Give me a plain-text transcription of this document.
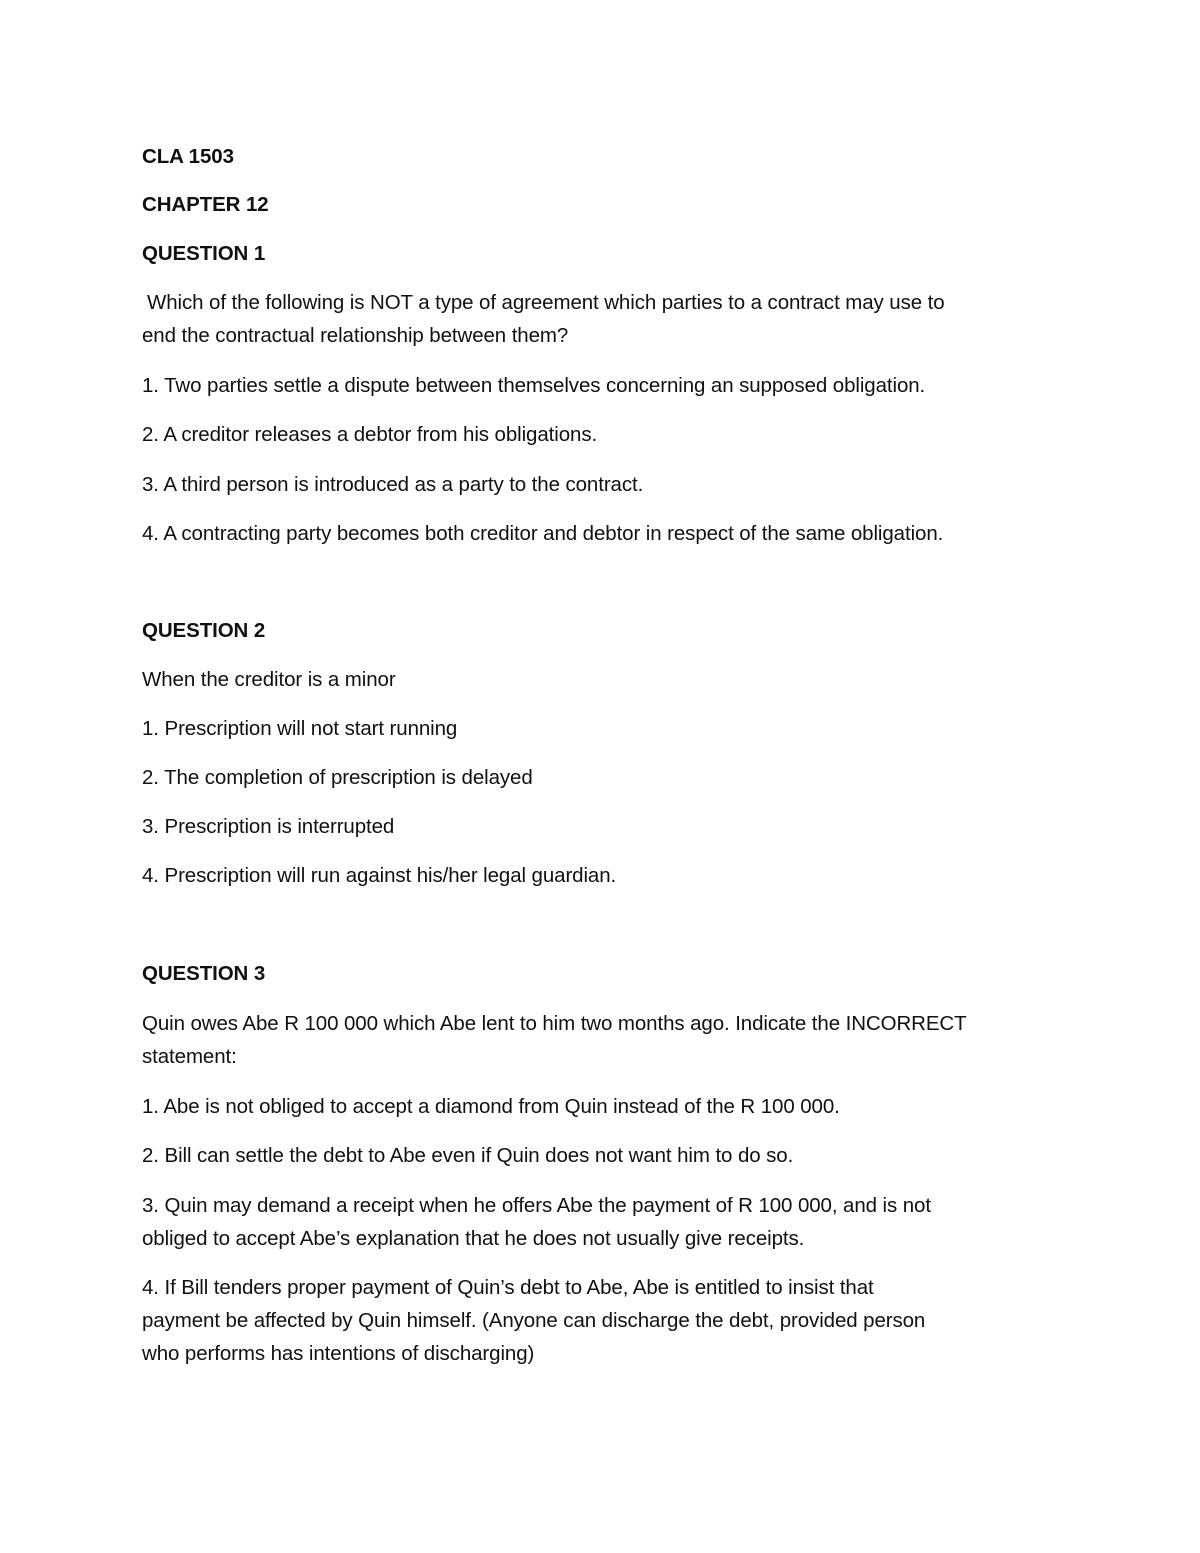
CLA 1503
CHAPTER 12
QUESTION 1
Which of the following is NOT a type of agreement which parties to a contract may use to
end the contractual relationship between them?
1. Two parties settle a dispute between themselves concerning an supposed obligation.
2. A creditor releases a debtor from his obligations.
3. A third person is introduced as a party to the contract.
4. A contracting party becomes both creditor and debtor in respect of the same obligation.
QUESTION 2
When the creditor is a minor
1. Prescription will not start running
2. The completion of prescription is delayed
3. Prescription is interrupted
4. Prescription will run against his/her legal guardian.
QUESTION 3
Quin owes Abe R 100 000 which Abe lent to him two months ago. Indicate the INCORRECT
statement:
1. Abe is not obliged to accept a diamond from Quin instead of the R 100 000.
2. Bill can settle the debt to Abe even if Quin does not want him to do so.
3. Quin may demand a receipt when he offers Abe the payment of R 100 000, and is not
obliged to accept Abe’s explanation that he does not usually give receipts.
4. If Bill tenders proper payment of Quin’s debt to Abe, Abe is entitled to insist that
payment be affected by Quin himself. (Anyone can discharge the debt, provided person
who performs has intentions of discharging)
